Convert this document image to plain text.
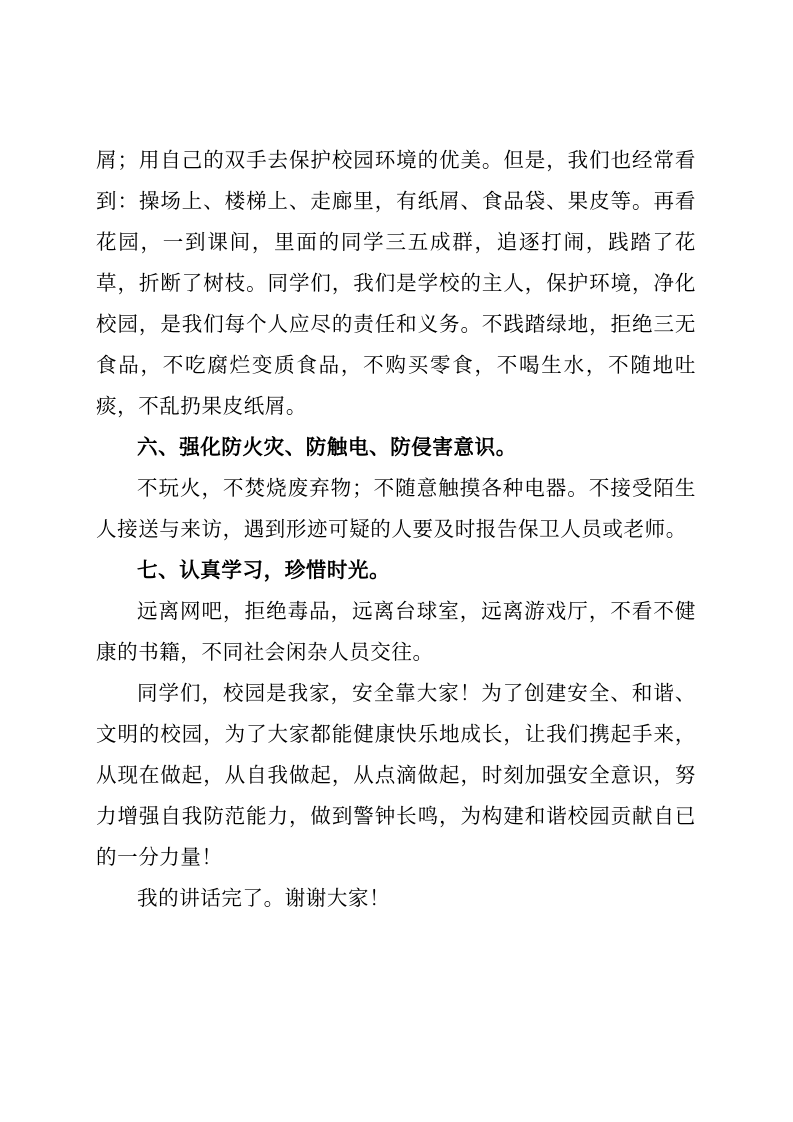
屑；用自己的双手去保护校园环境的优美。但是，我们也经常看到：操场上、楼梯上、走廊里，有纸屑、食品袋、果皮等。再看花园，一到课间，里面的同学三五成群，追逐打闹，践踏了花草，折断了树枝。同学们，我们是学校的主人，保护环境，净化校园，是我们每个人应尽的责任和义务。不践踏绿地，拒绝三无食品，不吃腐烂变质食品，不购买零食，不喝生水，不随地吐痰，不乱扔果皮纸屑。

六、强化防火灾、防触电、防侵害意识。

不玩火，不焚烧废弃物；不随意触摸各种电器。不接受陌生人接送与来访，遇到形迹可疑的人要及时报告保卫人员或老师。

七、认真学习，珍惜时光。

远离网吧，拒绝毒品，远离台球室，远离游戏厅，不看不健康的书籍，不同社会闲杂人员交往。

同学们，校园是我家，安全靠大家！为了创建安全、和谐、文明的校园，为了大家都能健康快乐地成长，让我们携起手来，从现在做起，从自我做起，从点滴做起，时刻加强安全意识，努力增强自我防范能力，做到警钟长鸣，为构建和谐校园贡献自已的一分力量！

我的讲话完了。谢谢大家！
